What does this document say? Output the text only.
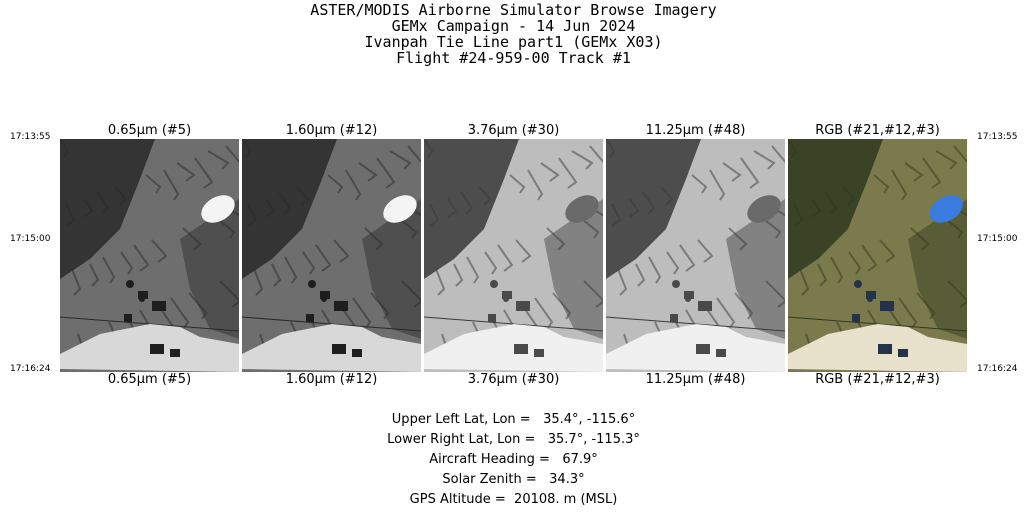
ASTER/MODIS Airborne Simulator Browse Imagery
GEMx Campaign - 14 Jun 2024
Ivanpah Tie Line part1 (GEMx X03)
Flight #24-959-00 Track #1
17:13:55
17:15:00
17:16:24
17:13:55
17:15:00
17:16:24
0.65μm (#5)	1.60μm (#12)	3.76μm (#30)	11.25μm (#48)	RGB (#21,#12,#3)
0.65μm (#5)	1.60μm (#12)	3.76μm (#30)	11.25μm (#48)	RGB (#21,#12,#3)
Upper Left Lat, Lon =   35.4°, -115.6°
Lower Right Lat, Lon =   35.7°, -115.3°
Aircraft Heading =   67.9°
Solar Zenith =   34.3°
GPS Altitude =  20108. m (MSL)
